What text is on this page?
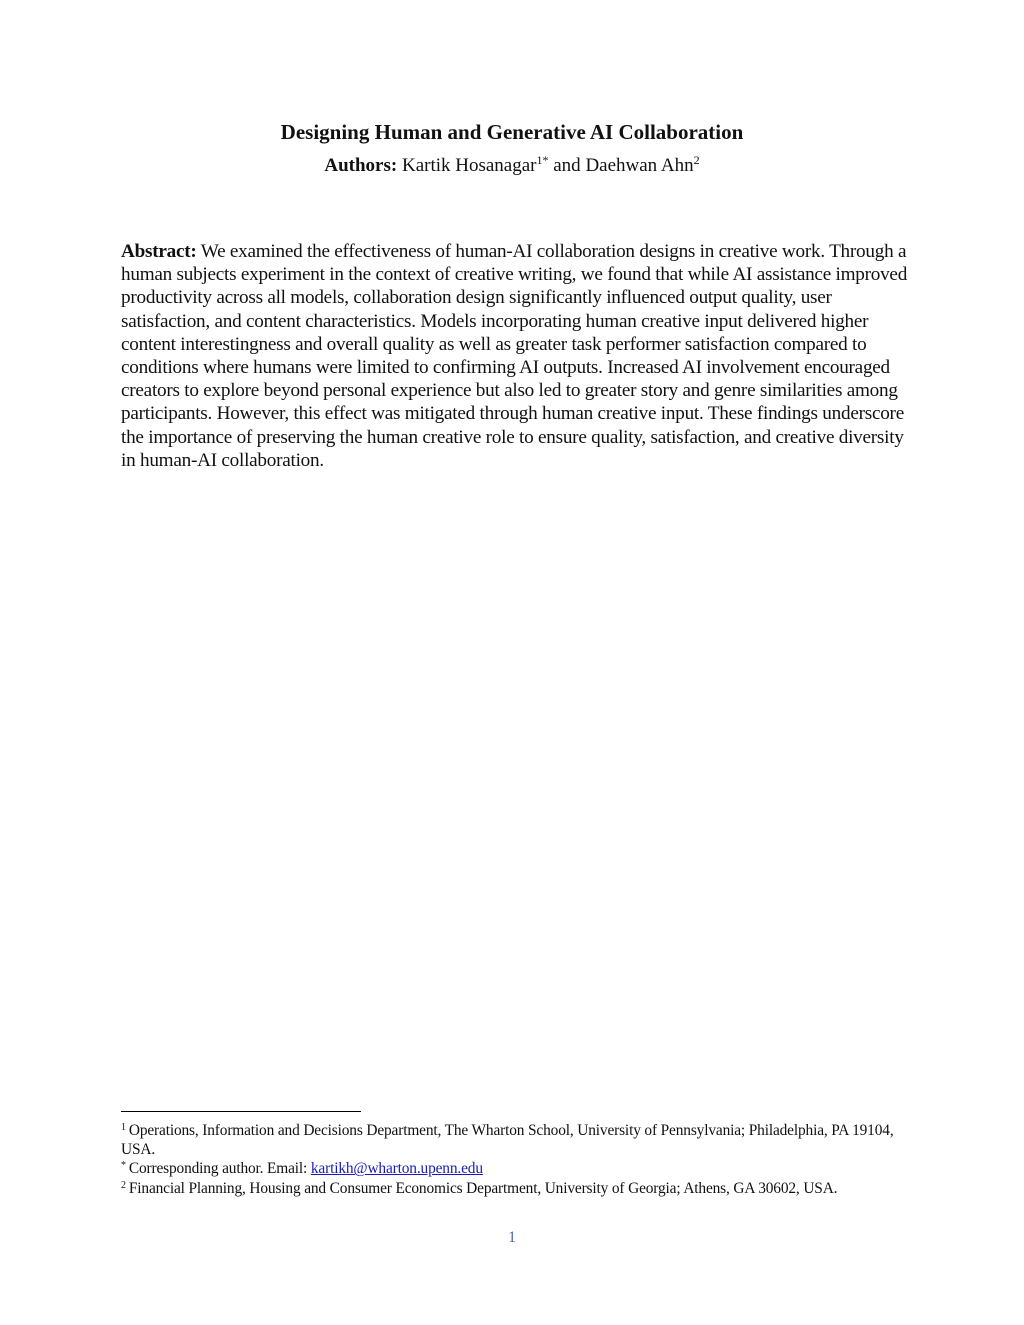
Designing Human and Generative AI Collaboration
Authors: Kartik Hosanagar$^{1*}$ and Daehwan Ahn$^2$
Abstract: We examined the effectiveness of human-AI collaboration designs in creative work. Through a human subjects experiment in the context of creative writing, we found that while AI assistance improved productivity across all models, collaboration design significantly influenced output quality, user satisfaction, and content characteristics. Models incorporating human creative input delivered higher content interestingness and overall quality as well as greater task performer satisfaction compared to conditions where humans were limited to confirming AI outputs. Increased AI involvement encouraged creators to explore beyond personal experience but also led to greater story and genre similarities among participants. However, this effect was mitigated through human creative input. These findings underscore the importance of preserving the human creative role to ensure quality, satisfaction, and creative diversity in human-AI collaboration.

$^1$ Operations, Information and Decisions Department, The Wharton School, University of Pennsylvania; Philadelphia, PA 19104, USA.

* Corresponding author. Email: kartikh@wharton.upenn.edu

$^2$ Financial Planning, Housing and Consumer Economics Department, University of Georgia; Athens, GA 30602, USA.

1
